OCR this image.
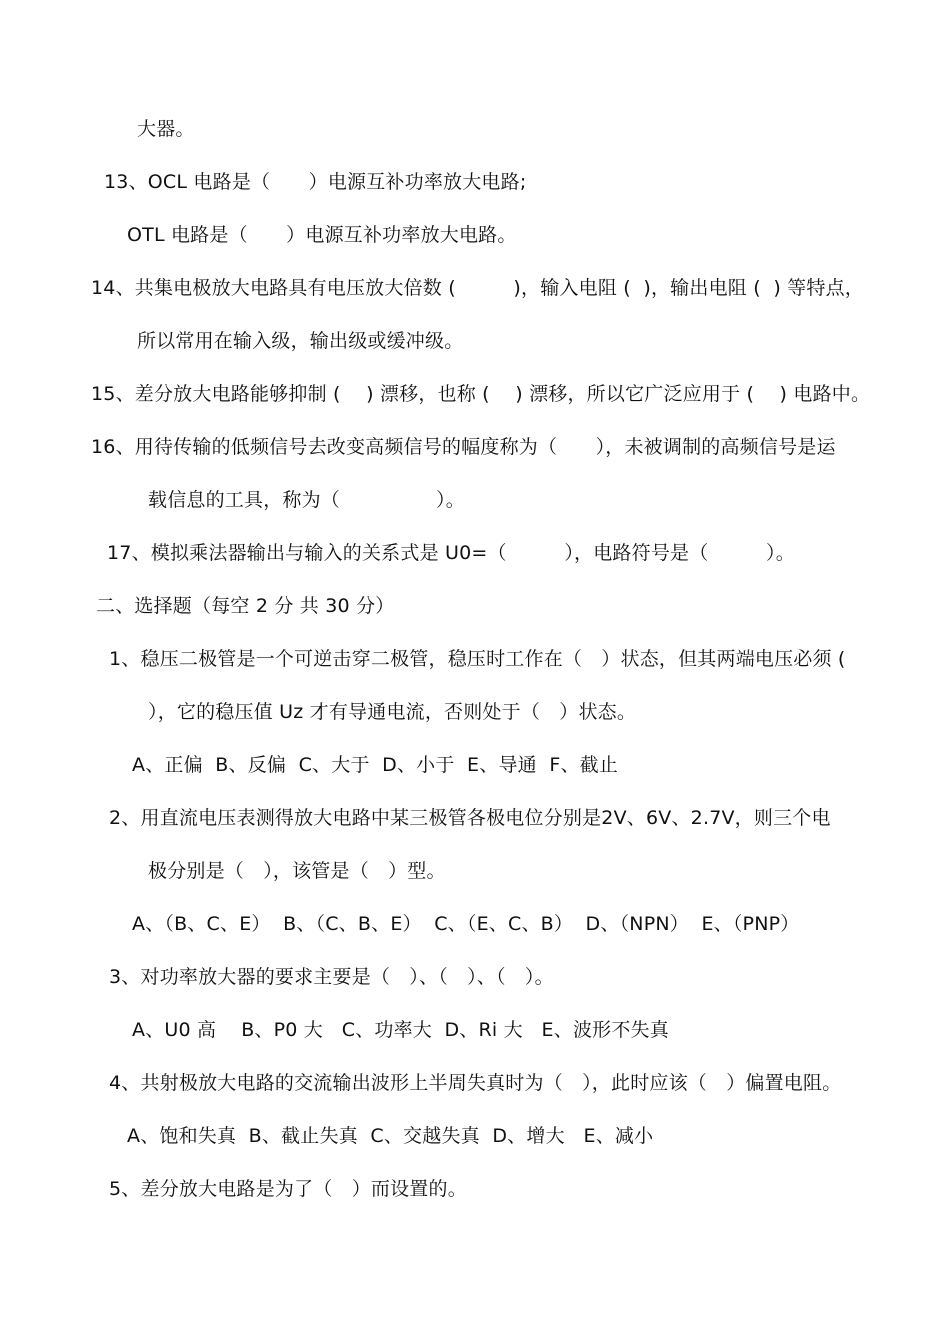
大器。
13、OCL 电路是（　　）电源互补功率放大电路;
OTL 电路是（　　）电源互补功率放大电路。
14、共集电极放大电路具有电压放大倍数 (　　　)，输入电阻 (  )，输出电阻 (  ) 等特点，
所以常用在输入级，输出级或缓冲级。
15、差分放大电路能够抑制 (　 ) 漂移，也称 (　 ) 漂移，所以它广泛应用于 (　 ) 电路中。
16、用待传输的低频信号去改变高频信号的幅度称为（　　），未被调制的高频信号是运
载信息的工具，称为（　　　　　）。
17、模拟乘法器输出与输入的关系式是 U0=（　　　），电路符号是（　　　）。
二、选择题（每空 2 分 共 30 分）
1、稳压二极管是一个可逆击穿二极管，稳压时工作在（　）状态，但其两端电压必须 (
），它的稳压值 Uz 才有导通电流，否则处于（　）状态。
A、正偏  B、反偏  C、大于  D、小于  E、导通  F、截止
2、用直流电压表测得放大电路中某三极管各极电位分别是2V、6V、2.7V，则三个电
极分别是（　），该管是（　）型。
A、（B、C、E）  B、（C、B、E）  C、（E、C、B）  D、（NPN）  E、（PNP）
3、对功率放大器的要求主要是（　）、（　）、（　）。
A、U0 高    B、P0 大   C、功率大  D、Ri 大   E、波形不失真
4、共射极放大电路的交流输出波形上半周失真时为（　），此时应该（　）偏置电阻。
A、饱和失真  B、截止失真  C、交越失真  D、增大   E、减小
5、差分放大电路是为了（　）而设置的。
